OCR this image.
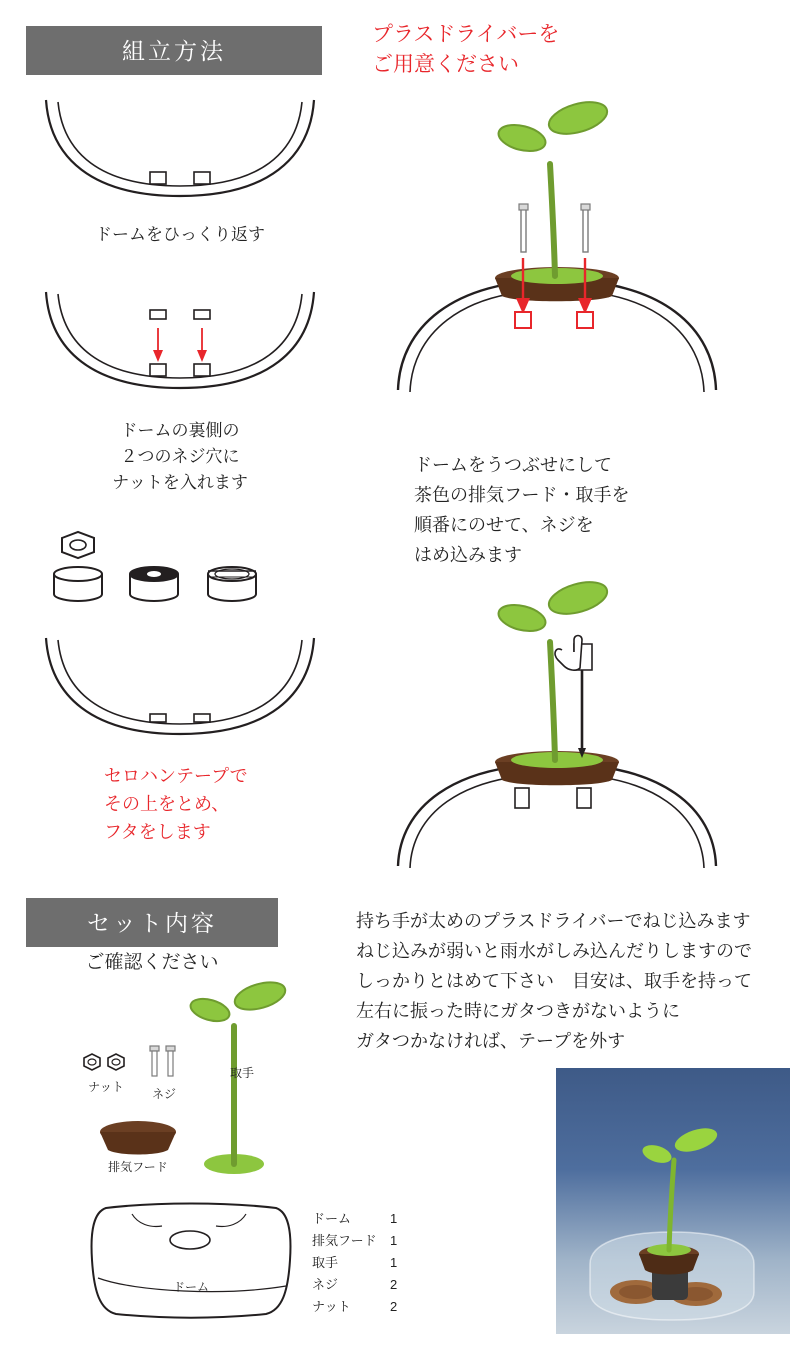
組立方法
プラスドライバーを
ご用意ください
ドームをひっくり返す
ドームの裏側の
２つのネジ穴に
ナットを入れます
セロハンテープで
その上をとめ、
フタをします
ドームをうつぶせにして
茶色の排気フード・取手を
順番にのせて、ネジを
はめ込みます
持ち手が太めのプラスドライバーでねじ込みます
ねじ込みが弱いと雨水がしみ込んだりしますので
しっかりとはめて下さい　目安は、取手を持って
左右に振った時にガタつきがないように
ガタつかなければ、テープを外す
セット内容
ご確認ください
ナット	ネジ
排気フード
取手
ドーム
ドーム	1
排気フード	1
取手	1
ネジ	2
ナット	2
